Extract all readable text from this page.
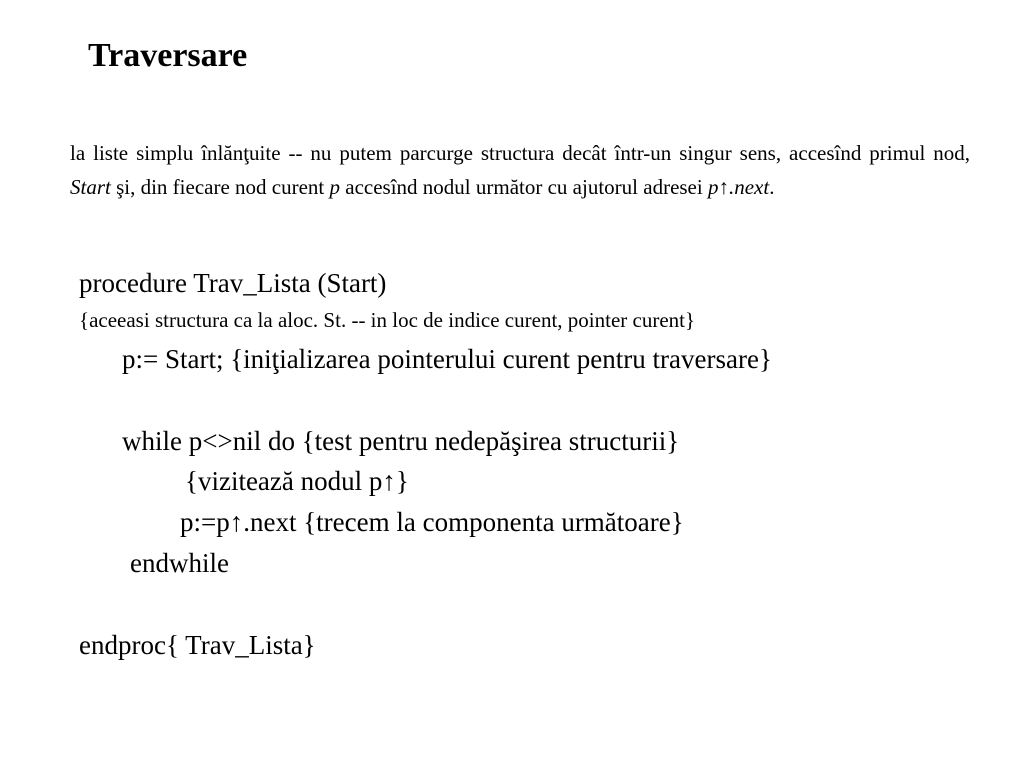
Traversare

la liste simplu înlănţuite -- nu putem parcurge structura decât într-un singur sens, accesînd primul nod, Start şi, din fiecare nod curent p accesînd nodul următor cu ajutorul adresei p↑.next.

procedure Trav_Lista (Start)
{aceeasi structura ca la aloc. St. -- in loc de indice curent, pointer curent}
p:= Start; {iniţializarea pointerului curent pentru traversare}
while p<>nil do {test pentru nedepăşirea structurii}
{vizitează nodul p↑}
p:=p↑.next {trecem la componenta următoare}
endwhile
endproc{ Trav_Lista}
